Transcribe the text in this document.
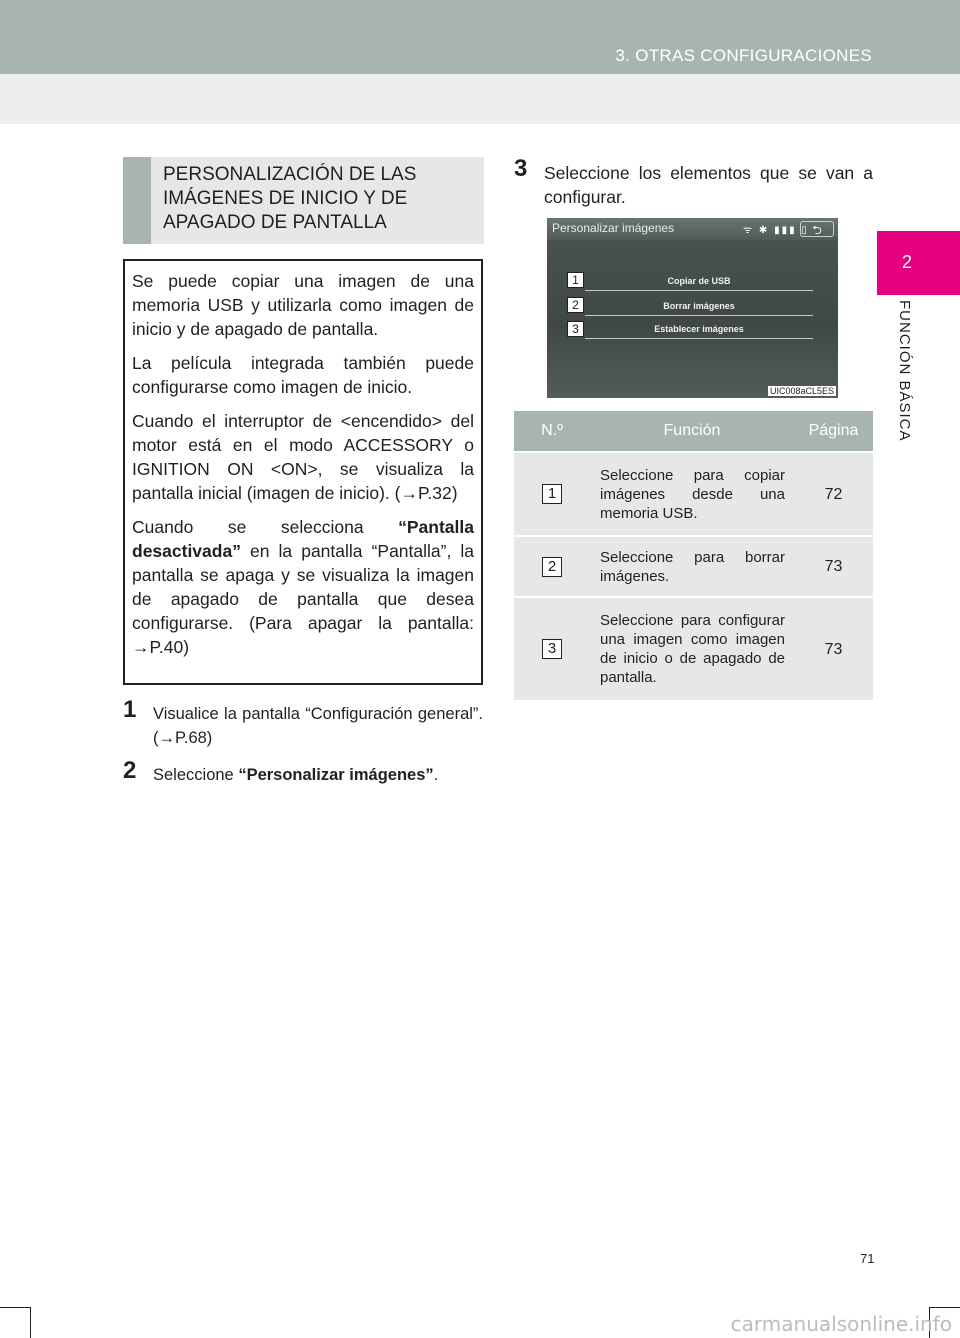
3. OTRAS CONFIGURACIONES
2
FUNCIÓN BÁSICA
PERSONALIZACIÓN DE LAS IMÁGENES DE INICIO Y DE APAGADO DE PANTALLA

Se puede copiar una imagen de una memoria USB y utilizarla como imagen de inicio y de apagado de pantalla.

La película integrada también puede configurarse como imagen de inicio.

Cuando el interruptor de <encendido> del motor está en el modo ACCESSORY o IGNITION ON <ON>, se visualiza la pantalla inicial (imagen de inicio). (→P.32)

Cuando se selecciona “Pantalla desactivada” en la pantalla “Pantalla”, la pantalla se apaga y se visualiza la imagen de apagado de pantalla que desea configurarse. (Para apagar la pantalla: →P.40)

1 Visualice la pantalla “Configuración general”. (→P.68)
2 Seleccione “Personalizar imágenes”.
3 Seleccione los elementos que se van a configurar.
Personalizar imágenes	ᯤ ✱ ▮▮▮ ▯ ⮌
1	Copiar de USB
2	Borrar imágenes
3	Establecer imágenes
UIC008aCL5ES
N.º	Función	Página
1	Seleccione para copiar imágenes desde una memoria USB.	72
2	Seleccione para borrar imágenes.	73
3	Seleccione para configurar una imagen como imagen de inicio o de apagado de pantalla.	73
71
carmanualsonline.info
